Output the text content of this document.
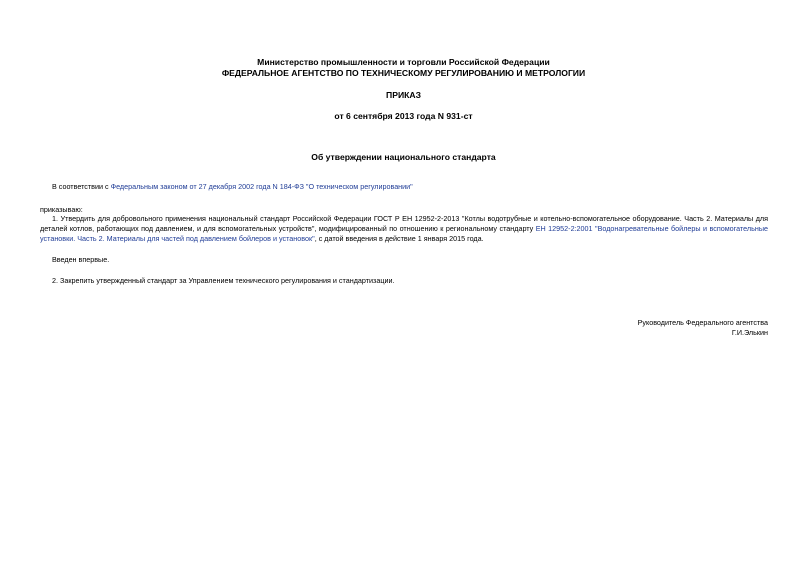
Министерство промышленности и торговли Российской Федерации
ФЕДЕРАЛЬНОЕ АГЕНТСТВО ПО ТЕХНИЧЕСКОМУ РЕГУЛИРОВАНИЮ И МЕТРОЛОГИИ
ПРИКАЗ
от 6 сентября 2013 года N 931-ст
Об утверждении национального стандарта
В соответствии с Федеральным законом от 27 декабря 2002 года N 184-ФЗ "О техническом регулировании"
приказываю:
1. Утвердить для добровольного применения национальный стандарт Российской Федерации ГОСТ Р ЕН 12952-2-2013 "Котлы водотрубные и котельно-вспомогательное оборудование. Часть 2. Материалы для
деталей котлов, работающих под давлением, и для вспомогательных устройств", модифицированный по отношению к региональному стандарту ЕН 12952-2:2001 "Водонагревательные бойлеры и вспомогательные
установки. Часть 2. Материалы для частей под давлением бойлеров и установок", с датой введения в действие 1 января 2015 года.
Введен впервые.
2. Закрепить утвержденный стандарт за Управлением технического регулирования и стандартизации.
Руководитель Федерального агентства
Г.И.Элькин
